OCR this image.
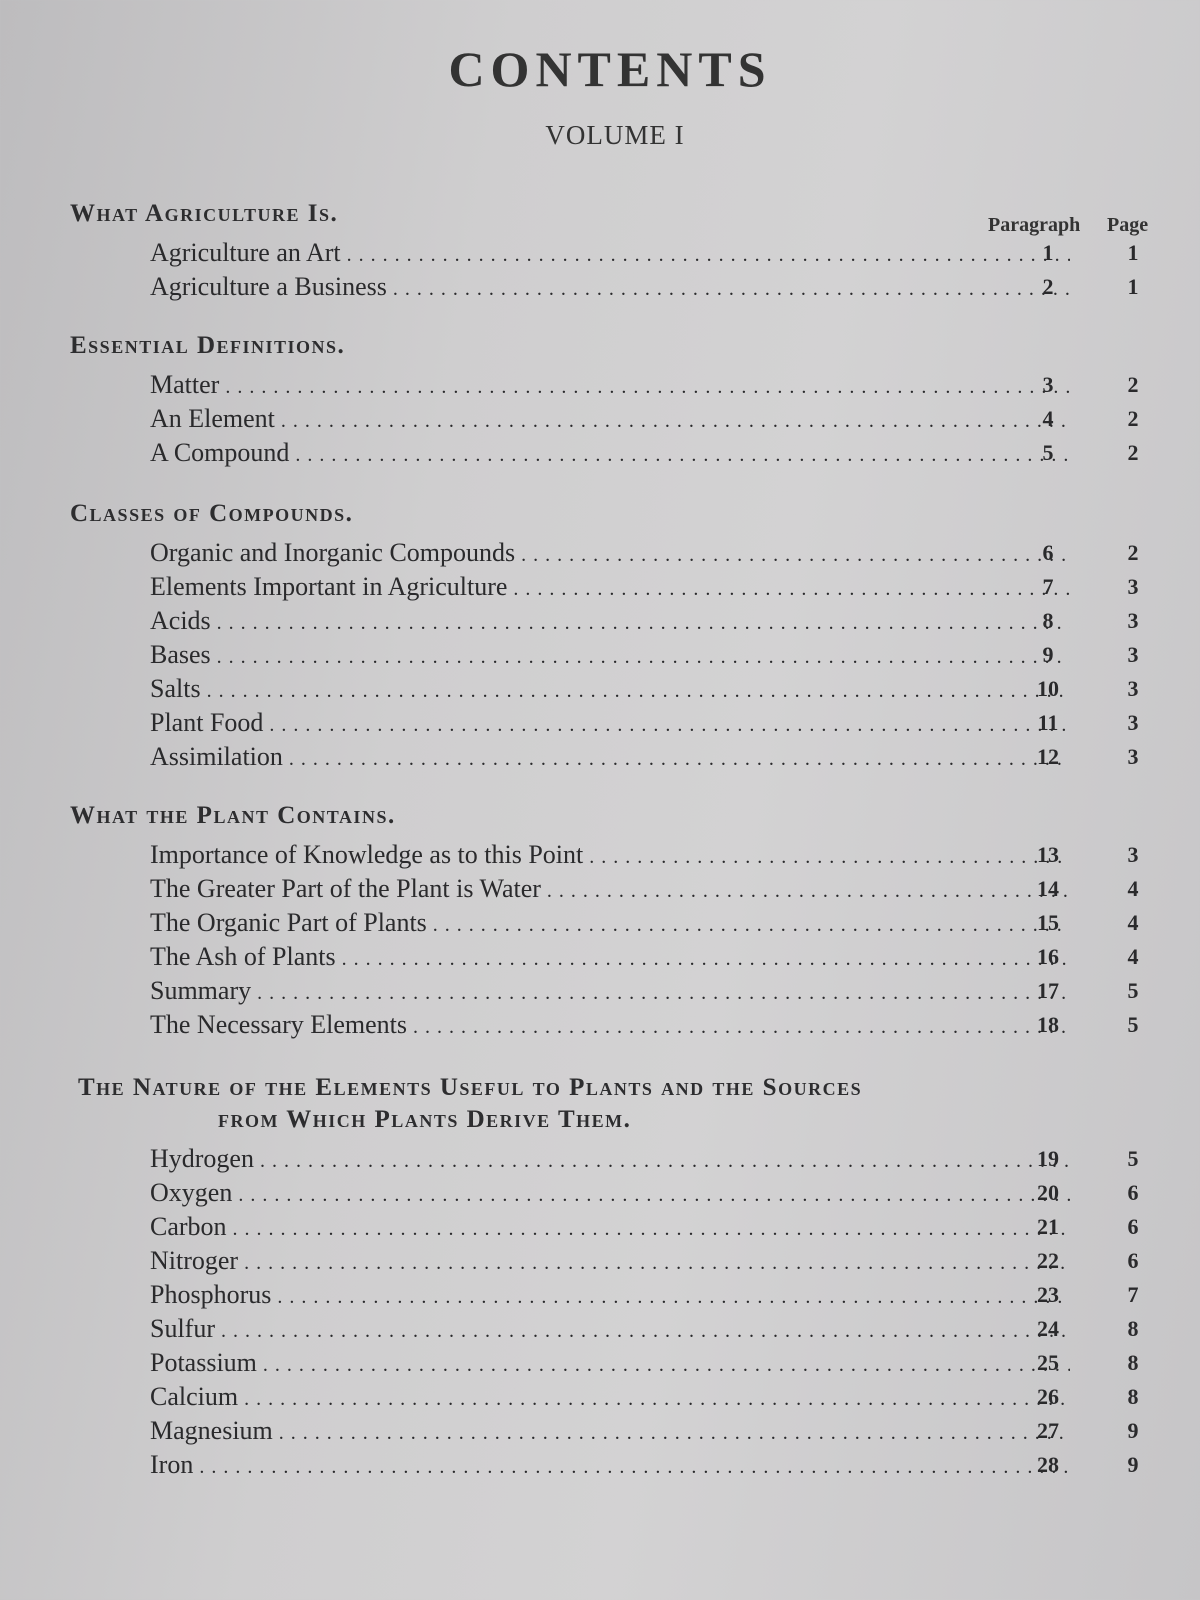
CONTENTS
VOLUME I
Paragraph Page
What Agriculture Is.
Agriculture an Art . . .	1	1
Agriculture a Business . . .	2	1
Essential Definitions.
Matter . . .	3	2
An Element . . .	4	2
A Compound . . .	5	2
Classes of Compounds.
Organic and Inorganic Compounds . . .	6	2
Elements Important in Agriculture . . .	7	3
Acids . . .	8	3
Bases . . .	9	3
Salts . . .	10	3
Plant Food . . .	11	3
Assimilation . . .	12	3
What the Plant Contains.
Importance of Knowledge as to this Point . . .	13	3
The Greater Part of the Plant is Water . . .	14	4
The Organic Part of Plants . . .	15	4
The Ash of Plants . . .	16	4
Summary . . .	17	5
The Necessary Elements . . .	18	5
The Nature of the Elements Useful to Plants and the Sources
from Which Plants Derive Them.
Hydrogen . . .	19	5
Oxygen . . .	20	6
Carbon . . .	21	6
Nitroger . . .	22	6
Phosphorus . . .	23	7
Sulfur . . .	24	8
Potassium . . .	25	8
Calcium . . .	26	8
Magnesium . . .	27	9
Iron . . .	28	9
